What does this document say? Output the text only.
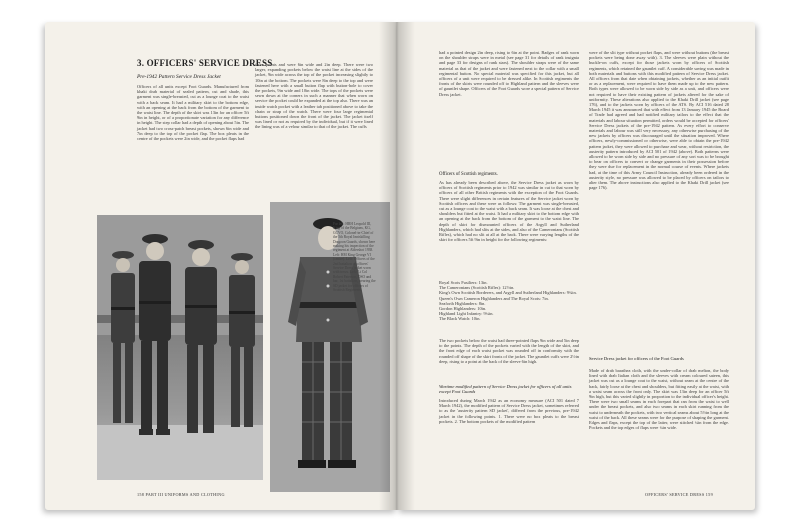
3. OFFICERS' SERVICE DRESS
Pre-1942 Pattern Service Dress Jacket
Officers of all units except Foot Guards. Manufactured from khaki drab material of sealed pattern, cut and shade, this garment was single-breasted, cut as a lounge coat to the waist with a back seam. It had a military skirt to the bottom edge, with an opening at the back from the bottom of the garment to the waist line. The depth of the skirt was 13in for an officer 5ft 9in in height, or of a proportionate variation for any difference in height. The step collar had a depth of opening about 5in. The jacket had two cross-patch breast pockets, shown 6in wide and 7in deep to the top of the pocket flap. The box pleats in the centre of the pockets were 2in wide, and the pocket flaps had
three points and were 6in wide and 2in deep. There were two larger, expanding pockets below the waist line at the sides of the jacket, 9in wide across the top of the pocket increasing slightly to 10in at the bottom. The pockets were 8in deep to the top and were fastened here with a small button flap with button-hole to cover the pockets, 9in wide and 10in wide. The tops of the pockets were sewn down at the corners in such a manner that when worn on service the pocket could be expanded at the top also. There was an inside watch pocket with a leather tab positioned above to take the chain or strap of the watch. There were four large regimental buttons positioned down the front of the jacket. The jacket itself was lined or not as required by the individual, but if it were lined the lining was of a velour similar to that of the jacket. The cuffs
158 PART III UNIFORMS AND CLOTHING
Far left: HRH Leopold III, King of the Belgians, KG, GCVO, Colonel-in-Chief of the 5th Royal Inniskilling Dragoon Guards, shown here making his inspection of the regiment at Aldershot 1938. Left: HM King George VI (centre). Left: Officers of the 2nd battalion of officers' Service Dress jacket worn with trews. Left: Lt Col Robert Paterson, DSO and bar, 1st battalion, wearing the SD jacket for officers of Scottish Regiments.
had a pointed design 2in deep, rising to 6in at the point. Badges of rank worn on the shoulder straps were in metal (see page 31 for details of rank insignia and page 33 for designs of rank stars). The shoulder straps were of the same material as that of the jacket and were fastened next to the collar with a small regimental button. No special material was specified for this jacket, but all officers of a unit were required to be dressed alike. In Scottish regiments the fronts of the skirts were rounded off to Highland pattern and the sleeves were of gauntlet shape. Officers of the Foot Guards wore a special pattern of Service Dress jacket.
Officers of Scottish regiments.
As has already been described above, the Service Dress jacket as worn by officers of Scottish regiments prior to 1942 was similar in cut to that worn by officers of all other British regiments with the exception of the Foot Guards. There were slight differences in certain features of the Service jacket worn by Scottish officers and these were as follows: The garment was single-breasted, cut as a lounge coat to the waist with a back seam. It was loose at the chest and shoulders but fitted at the waist. It had a military skirt to the bottom edge with an opening at the back from the bottom of the garment to the waist line. The depth of skirt for dismounted officers of the Argyll and Sutherland Highlanders, which had slits at the sides, and also of the Cameronians (Scottish Rifles), which had no slit at all at the back. There were varying lengths of the skirt for officers 5ft 9in in height for the following regiments:
Royal Scots Fusiliers: 13in.
The Cameronians (Scottish Rifles): 12½in.
King's Own Scottish Borderers, and Argyll and Sutherland Highlanders: 9¾in.
Queen's Own Cameron Highlanders and The Royal Scots: 7in.
Seaforth Highlanders: 8in.
Gordon Highlanders: 10in.
Highland Light Infantry: 9¼in.
The Black Watch: 10in.
The two pockets below the waist had three-pointed flaps 9in wide and 5in deep to the points. The depth of the pockets varied with the length of the skirt, and the front edge of each waist pocket was rounded off in conformity with the rounded off shape of the skirt fronts of the jacket. The gauntlet cuffs were 2½in deep, rising to a point at the back of the sleeve 6in high.
Wartime modified pattern of Service Dress jacket for officers of all units except Foot Guards
Introduced during March 1942 as an economy measure (ACI 501 dated 7 March 1942), the modified pattern of Service Dress jacket, sometimes referred to as the 'austerity pattern SD jacket', differed from the previous, pre-1942 jacket in the following points. 1. There were no box pleats to the breast pockets. 2. The bottom pockets of the modified pattern
were of the slit type without pocket flaps, and were without buttons (the breast pockets were being done away with). 3. The sleeves were plain without the buckle-on cuffs, except for those jackets worn by officers of Scottish regiments, which retained the gauntlet cuff. A considerable saving was made in both materials and buttons with this modified pattern of Service Dress jacket. All officers from that date when obtaining jackets, whether as an initial outfit or as a replacement, were required to have them made up to the new pattern. Both types were allowed to be worn side by side as a unit, and officers were not required to have their existing pattern of jackets altered for the sake of uniformity. These alterations also applied to the Khaki Drill jacket (see page 176), and to the jackets worn by officers of the ATS. By ACI 516 dated 28 March 1945 it was announced that with effect from 13 January 1945 the Board of Trade had agreed and had notified military tailors to the effect that the materials and labour situation permitted, orders would be accepted for officers' Service Dress jackets of the pre-1942 pattern. As every effort to conserve materials and labour was still very necessary, any otherwise purchasing of the new jackets by officers was discouraged until the situation improved. Where officers, newly-commissioned or otherwise, were able to obtain the pre-1942 pattern jacket, they were allowed to purchase and wear, without restriction, the austerity pattern introduced by ACI 501 of 1942 (above). Both patterns were allowed to be worn side by side and no pressure of any sort was to be brought to bear on officers to convert or change garments in their possession before they were due for replacement in the normal course of events. Where jackets had, at the time of this Army Council Instruction, already been ordered in the austerity style, no pressure was allowed to be placed by officers on tailors to alter them. The above instructions also applied to the Khaki Drill jacket (see page 176).
Service Dress jacket for officers of the Foot Guards
Made of drab barathea cloth, with the under-collar of drab melton, the body lined with drab Italian cloth and the sleeves with cream coloured sateen, this jacket was cut as a lounge coat to the waist, without seam at the centre of the back, fairly loose at the chest and shoulders, but fitting easily at the waist, with a waist seam across the front only. The skirt was 13in deep for an officer 5ft 9in high, but this varied slightly in proportion to the individual officer's height. There were two small seams in each forepart that ran from the waist to well under the breast pockets, and also two seams in each skirt running from the waist to underneath the pockets, with two vertical seams about 5½in long at the waist of the back. All these seams were for the purpose of shaping the garment. Edges and flaps, except the top of the latter, were stitched ¼in from the edge. Pockets and the top edges of flaps were ¼in wide.
OFFICERS' SERVICE DRESS 159
